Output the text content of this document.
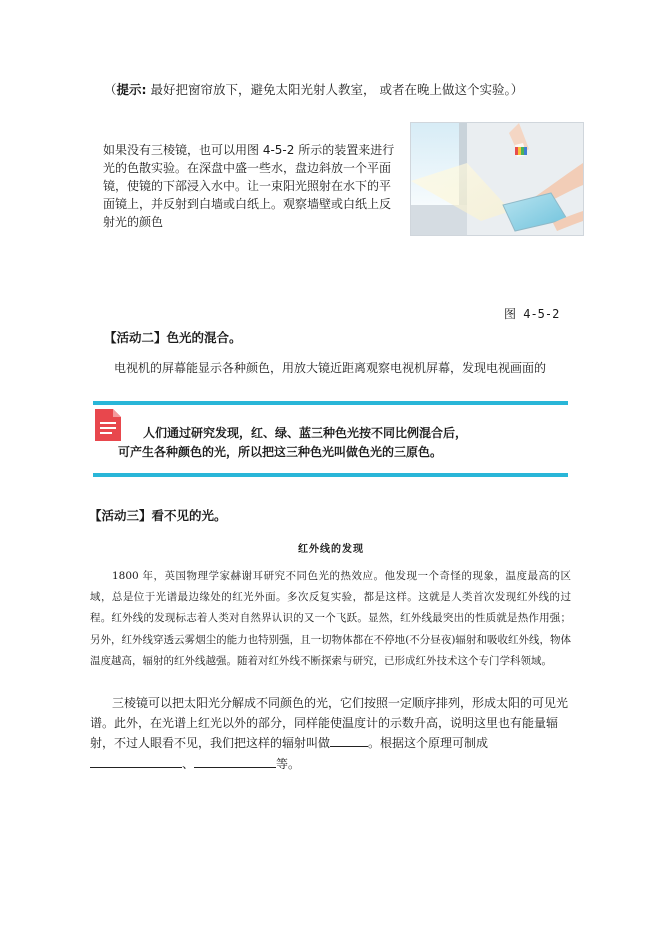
（提示: 最好把窗帘放下，避免太阳光射人教室， 或者在晚上做这个实验。）
如果没有三棱镜，也可以用图 4-5-2 所示的装置来进行光的色散实验。在深盘中盛一些水，盘边斜放一个平面镜，使镜的下部浸入水中。让一束阳光照射在水下的平面镜上，并反射到白墙或白纸上。观察墙壁或白纸上反射光的颜色
图 4-5-2
【活动二】色光的混合。
电视机的屏幕能显示各种颜色，用放大镜近距离观察电视机屏幕，发现电视画面的
人们通过研究发现，红、绿、蓝三种色光按不同比例混合后，
可产生各种颜色的光，所以把这三种色光叫做色光的三原色。
【活动三】看不见的光。
红外线的发现
1800 年，英国物理学家赫谢耳研究不同色光的热效应。他发现一个奇怪的现象，温度最高的区域，总是位于光谱最边缘处的红光外面。多次反复实验，都是这样。这就是人类首次发现红外线的过程。红外线的发现标志着人类对自然界认识的又一个飞跃。显然，红外线最突出的性质就是热作用强；另外，红外线穿透云雾烟尘的能力也特别强，且一切物体都在不停地(不分昼夜)辐射和吸收红外线，物体温度越高，辐射的红外线越强。随着对红外线不断探索与研究，已形成红外技术这个专门学科领域。
三棱镜可以把太阳光分解成不同颜色的光，它们按照一定顺序排列，形成太阳的可见光谱。此外，在光谱上红光以外的部分，同样能使温度计的示数升高，说明这里也有能量辐射，不过人眼看不见，我们把这样的辐射叫做	。根据这个原理可制成、	等。
